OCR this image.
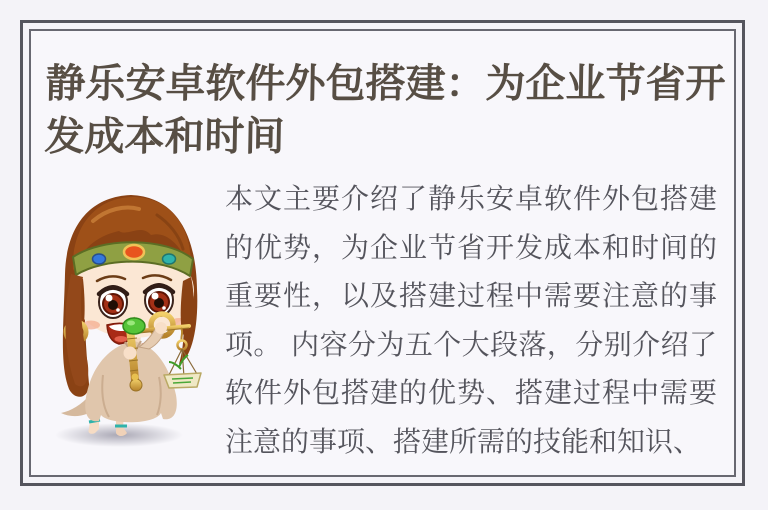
静乐安卓软件外包搭建：为企业节省开发成本和时间

本文主要介绍了静乐安卓软件外包搭建的优势，为企业节省开发成本和时间的重要性，以及搭建过程中需要注意的事项。 内容分为五个大段落，分别介绍了软件外包搭建的优势、搭建过程中需要注意的事项、搭建所需的技能和知识、
